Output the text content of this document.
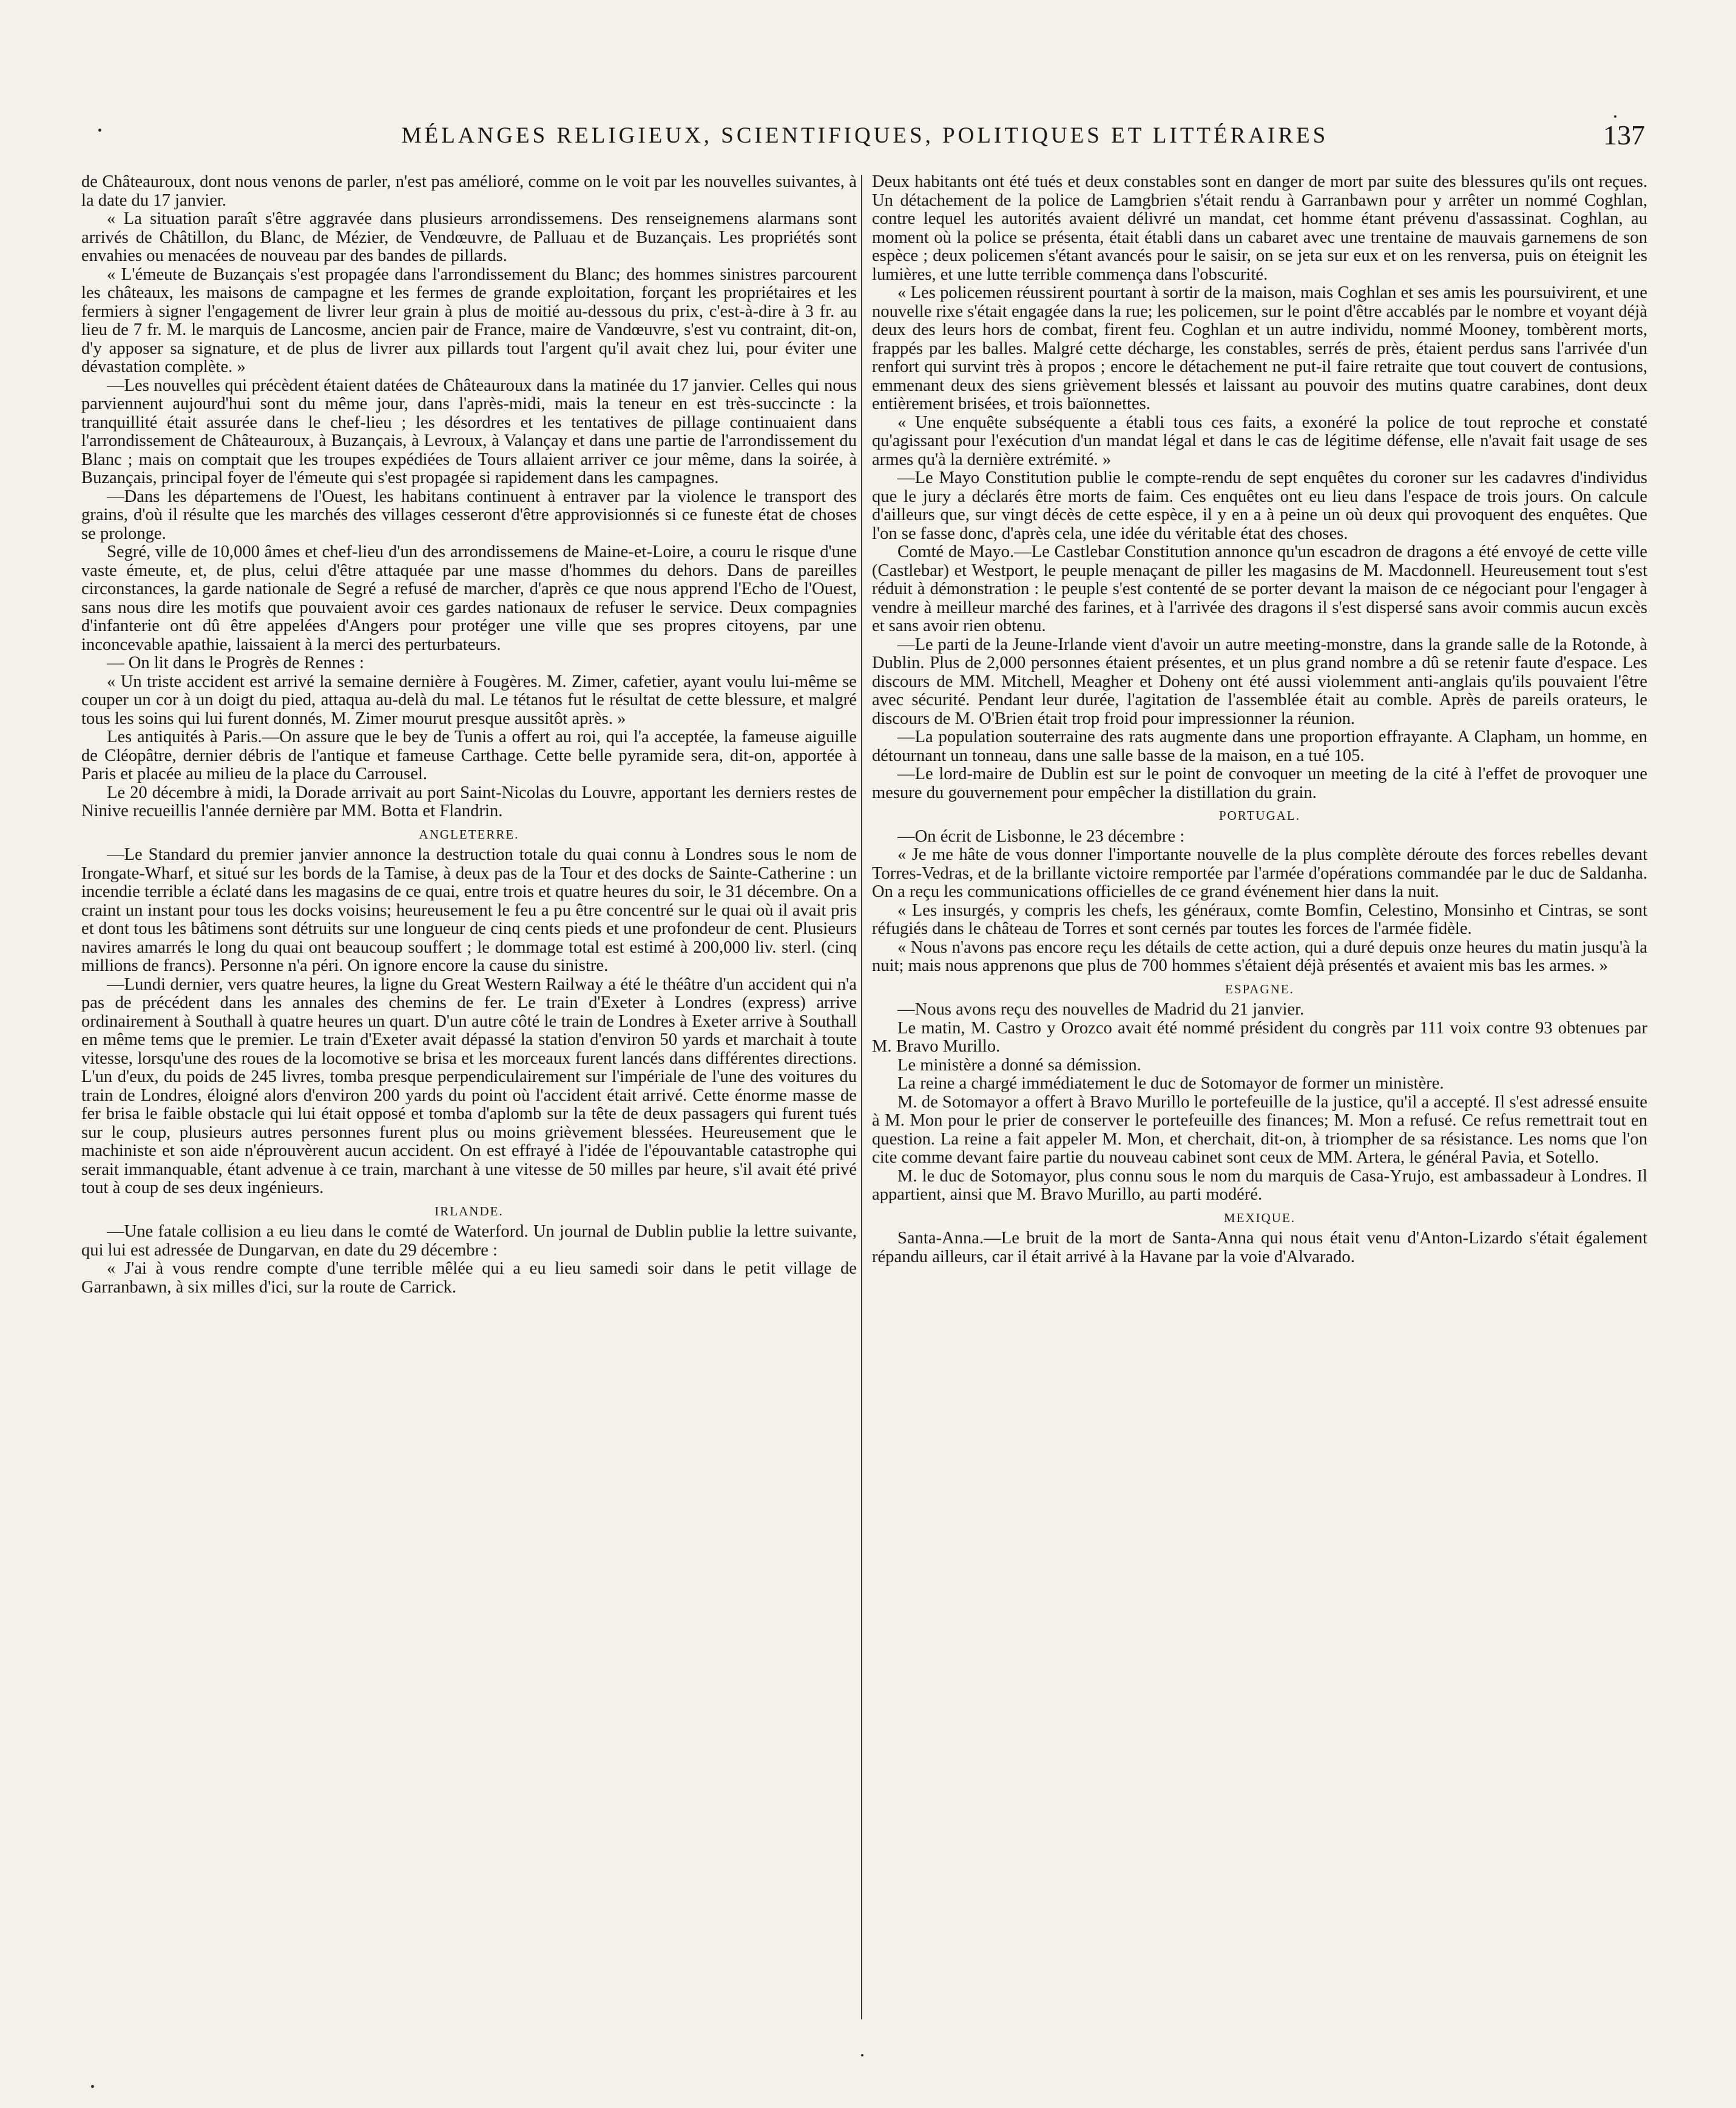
MÉLANGES RELIGIEUX, SCIENTIFIQUES, POLITIQUES ET LITTÉRAIRES	137

de Châteauroux, dont nous venons de parler, n'est pas amélioré, comme on le voit par les nouvelles suivantes, à la date du 17 janvier.

« La situation paraît s'être aggravée dans plusieurs arrondissemens. Des renseignemens alarmans sont arrivés de Châtillon, du Blanc, de Mézier, de Vendœuvre, de Palluau et de Buzançais. Les propriétés sont envahies ou menacées de nouveau par des bandes de pillards.

« L'émeute de Buzançais s'est propagée dans l'arrondissement du Blanc; des hommes sinistres parcourent les châteaux, les maisons de campagne et les fermes de grande exploitation, forçant les propriétaires et les fermiers à signer l'engagement de livrer leur grain à plus de moitié au-dessous du prix, c'est-à-dire à 3 fr. au lieu de 7 fr. M. le marquis de Lancosme, ancien pair de France, maire de Vandœuvre, s'est vu contraint, dit-on, d'y apposer sa signature, et de plus de livrer aux pillards tout l'argent qu'il avait chez lui, pour éviter une dévastation complète. »

—Les nouvelles qui précèdent étaient datées de Châteauroux dans la matinée du 17 janvier. Celles qui nous parviennent aujourd'hui sont du même jour, dans l'après-midi, mais la teneur en est très-succincte : la tranquillité était assurée dans le chef-lieu ; les désordres et les tentatives de pillage continuaient dans l'arrondissement de Châteauroux, à Buzançais, à Levroux, à Valançay et dans une partie de l'arrondissement du Blanc ; mais on comptait que les troupes expédiées de Tours allaient arriver ce jour même, dans la soirée, à Buzançais, principal foyer de l'émeute qui s'est propagée si rapidement dans les campagnes.

—Dans les départemens de l'Ouest, les habitans continuent à entraver par la violence le transport des grains, d'où il résulte que les marchés des villages cesseront d'être approvisionnés si ce funeste état de choses se prolonge.

Segré, ville de 10,000 âmes et chef-lieu d'un des arrondissemens de Maine-et-Loire, a couru le risque d'une vaste émeute, et, de plus, celui d'être attaquée par une masse d'hommes du dehors. Dans de pareilles circonstances, la garde nationale de Segré a refusé de marcher, d'après ce que nous apprend l'Echo de l'Ouest, sans nous dire les motifs que pouvaient avoir ces gardes nationaux de refuser le service. Deux compagnies d'infanterie ont dû être appelées d'Angers pour protéger une ville que ses propres citoyens, par une inconcevable apathie, laissaient à la merci des perturbateurs.

— On lit dans le Progrès de Rennes :

« Un triste accident est arrivé la semaine dernière à Fougères. M. Zimer, cafetier, ayant voulu lui-même se couper un cor à un doigt du pied, attaqua au-delà du mal. Le tétanos fut le résultat de cette blessure, et malgré tous les soins qui lui furent donnés, M. Zimer mourut presque aussitôt après. »

Les antiquités à Paris.—On assure que le bey de Tunis a offert au roi, qui l'a acceptée, la fameuse aiguille de Cléopâtre, dernier débris de l'antique et fameuse Carthage. Cette belle pyramide sera, dit-on, apportée à Paris et placée au milieu de la place du Carrousel.

Le 20 décembre à midi, la Dorade arrivait au port Saint-Nicolas du Louvre, apportant les derniers restes de Ninive recueillis l'année dernière par MM. Botta et Flandrin.

ANGLETERRE.

—Le Standard du premier janvier annonce la destruction totale du quai connu à Londres sous le nom de Irongate-Wharf, et situé sur les bords de la Tamise, à deux pas de la Tour et des docks de Sainte-Catherine : un incendie terrible a éclaté dans les magasins de ce quai, entre trois et quatre heures du soir, le 31 décembre. On a craint un instant pour tous les docks voisins; heureusement le feu a pu être concentré sur le quai où il avait pris et dont tous les bâtimens sont détruits sur une longueur de cinq cents pieds et une profondeur de cent. Plusieurs navires amarrés le long du quai ont beaucoup souffert ; le dommage total est estimé à 200,000 liv. sterl. (cinq millions de francs). Personne n'a péri. On ignore encore la cause du sinistre.

—Lundi dernier, vers quatre heures, la ligne du Great Western Railway a été le théâtre d'un accident qui n'a pas de précédent dans les annales des chemins de fer. Le train d'Exeter à Londres (express) arrive ordinairement à Southall à quatre heures un quart. D'un autre côté le train de Londres à Exeter arrive à Southall en même tems que le premier. Le train d'Exeter avait dépassé la station d'environ 50 yards et marchait à toute vitesse, lorsqu'une des roues de la locomotive se brisa et les morceaux furent lancés dans différentes directions. L'un d'eux, du poids de 245 livres, tomba presque perpendiculairement sur l'impériale de l'une des voitures du train de Londres, éloigné alors d'environ 200 yards du point où l'accident était arrivé. Cette énorme masse de fer brisa le faible obstacle qui lui était opposé et tomba d'aplomb sur la tête de deux passagers qui furent tués sur le coup, plusieurs autres personnes furent plus ou moins grièvement blessées. Heureusement que le machiniste et son aide n'éprouvèrent aucun accident. On est effrayé à l'idée de l'épouvantable catastrophe qui serait immanquable, étant advenue à ce train, marchant à une vitesse de 50 milles par heure, s'il avait été privé tout à coup de ses deux ingénieurs.

IRLANDE.

—Une fatale collision a eu lieu dans le comté de Waterford. Un journal de Dublin publie la lettre suivante, qui lui est adressée de Dungarvan, en date du 29 décembre :

« J'ai à vous rendre compte d'une terrible mêlée qui a eu lieu samedi soir dans le petit village de Garranbawn, à six milles d'ici, sur la route de Carrick.

Deux habitants ont été tués et deux constables sont en danger de mort par suite des blessures qu'ils ont reçues. Un détachement de la police de Lamgbrien s'était rendu à Garranbawn pour y arrêter un nommé Coghlan, contre lequel les autorités avaient délivré un mandat, cet homme étant prévenu d'assassinat. Coghlan, au moment où la police se présenta, était établi dans un cabaret avec une trentaine de mauvais garnemens de son espèce ; deux policemen s'étant avancés pour le saisir, on se jeta sur eux et on les renversa, puis on éteignit les lumières, et une lutte terrible commença dans l'obscurité.

« Les policemen réussirent pourtant à sortir de la maison, mais Coghlan et ses amis les poursuivirent, et une nouvelle rixe s'était engagée dans la rue; les policemen, sur le point d'être accablés par le nombre et voyant déjà deux des leurs hors de combat, firent feu. Coghlan et un autre individu, nommé Mooney, tombèrent morts, frappés par les balles. Malgré cette décharge, les constables, serrés de près, étaient perdus sans l'arrivée d'un renfort qui survint très à propos ; encore le détachement ne put-il faire retraite que tout couvert de contusions, emmenant deux des siens grièvement blessés et laissant au pouvoir des mutins quatre carabines, dont deux entièrement brisées, et trois baïonnettes.

« Une enquête subséquente a établi tous ces faits, a exonéré la police de tout reproche et constaté qu'agissant pour l'exécution d'un mandat légal et dans le cas de légitime défense, elle n'avait fait usage de ses armes qu'à la dernière extrémité. »

—Le Mayo Constitution publie le compte-rendu de sept enquêtes du coroner sur les cadavres d'individus que le jury a déclarés être morts de faim. Ces enquêtes ont eu lieu dans l'espace de trois jours. On calcule d'ailleurs que, sur vingt décès de cette espèce, il y en a à peine un où deux qui provoquent des enquêtes. Que l'on se fasse donc, d'après cela, une idée du véritable état des choses.

Comté de Mayo.—Le Castlebar Constitution annonce qu'un escadron de dragons a été envoyé de cette ville (Castlebar) et Westport, le peuple menaçant de piller les magasins de M. Macdonnell. Heureusement tout s'est réduit à démonstration : le peuple s'est contenté de se porter devant la maison de ce négociant pour l'engager à vendre à meilleur marché des farines, et à l'arrivée des dragons il s'est dispersé sans avoir commis aucun excès et sans avoir rien obtenu.

—Le parti de la Jeune-Irlande vient d'avoir un autre meeting-monstre, dans la grande salle de la Rotonde, à Dublin. Plus de 2,000 personnes étaient présentes, et un plus grand nombre a dû se retenir faute d'espace. Les discours de MM. Mitchell, Meagher et Doheny ont été aussi violemment anti-anglais qu'ils pouvaient l'être avec sécurité. Pendant leur durée, l'agitation de l'assemblée était au comble. Après de pareils orateurs, le discours de M. O'Brien était trop froid pour impressionner la réunion.

—La population souterraine des rats augmente dans une proportion effrayante. A Clapham, un homme, en détournant un tonneau, dans une salle basse de la maison, en a tué 105.

—Le lord-maire de Dublin est sur le point de convoquer un meeting de la cité à l'effet de provoquer une mesure du gouvernement pour empêcher la distillation du grain.

PORTUGAL.

—On écrit de Lisbonne, le 23 décembre :

« Je me hâte de vous donner l'importante nouvelle de la plus complète déroute des forces rebelles devant Torres-Vedras, et de la brillante victoire remportée par l'armée d'opérations commandée par le duc de Saldanha. On a reçu les communications officielles de ce grand événement hier dans la nuit.

« Les insurgés, y compris les chefs, les généraux, comte Bomfin, Celestino, Monsinho et Cintras, se sont réfugiés dans le château de Torres et sont cernés par toutes les forces de l'armée fidèle.

« Nous n'avons pas encore reçu les détails de cette action, qui a duré depuis onze heures du matin jusqu'à la nuit; mais nous apprenons que plus de 700 hommes s'étaient déjà présentés et avaient mis bas les armes. »

ESPAGNE.

—Nous avons reçu des nouvelles de Madrid du 21 janvier.

Le matin, M. Castro y Orozco avait été nommé président du congrès par 111 voix contre 93 obtenues par M. Bravo Murillo.

Le ministère a donné sa démission.

La reine a chargé immédiatement le duc de Sotomayor de former un ministère.

M. de Sotomayor a offert à Bravo Murillo le portefeuille de la justice, qu'il a accepté. Il s'est adressé ensuite à M. Mon pour le prier de conserver le portefeuille des finances; M. Mon a refusé. Ce refus remettrait tout en question. La reine a fait appeler M. Mon, et cherchait, dit-on, à triompher de sa résistance. Les noms que l'on cite comme devant faire partie du nouveau cabinet sont ceux de MM. Artera, le général Pavia, et Sotello.

M. le duc de Sotomayor, plus connu sous le nom du marquis de Casa-Yrujo, est ambassadeur à Londres. Il appartient, ainsi que M. Bravo Murillo, au parti modéré.

MEXIQUE.

Santa-Anna.—Le bruit de la mort de Santa-Anna qui nous était venu d'Anton-Lizardo s'était également répandu ailleurs, car il était arrivé à la Havane par la voie d'Alvarado.
